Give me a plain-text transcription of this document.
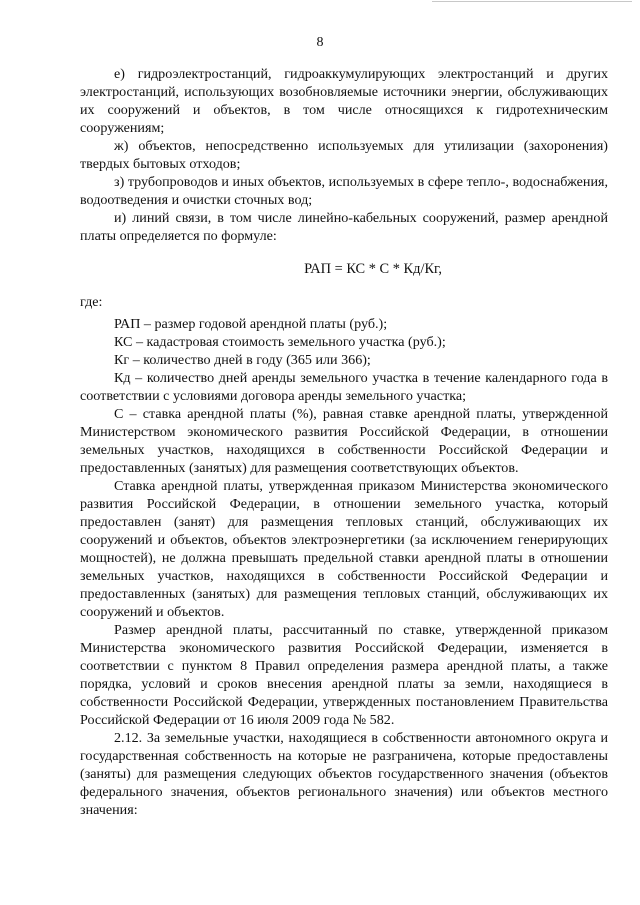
8

е) гидроэлектростанций, гидроаккумулирующих электростанций и других электростанций, использующих возобновляемые источники энергии, обслуживающих их сооружений и объектов, в том числе относящихся к гидротехническим сооружениям;

ж) объектов, непосредственно используемых для утилизации (захоронения) твердых бытовых отходов;

з) трубопроводов и иных объектов, используемых в сфере тепло-, водоснабжения, водоотведения и очистки сточных вод;

и) линий связи, в том числе линейно-кабельных сооружений, размер арендной платы определяется по формуле:

РАП = КС * С * Кд/Кг,

где:

РАП – размер годовой арендной платы (руб.);

КС – кадастровая стоимость земельного участка (руб.);

Кг – количество дней в году (365 или 366);

Кд – количество дней аренды земельного участка в течение календарного года в соответствии с условиями договора аренды земельного участка;

С – ставка арендной платы (%), равная ставке арендной платы, утвержденной Министерством экономического развития Российской Федерации, в отношении земельных участков, находящихся в собственности Российской Федерации и предоставленных (занятых) для размещения соответствующих объектов.

Ставка арендной платы, утвержденная приказом Министерства экономического развития Российской Федерации, в отношении земельного участка, который предоставлен (занят) для размещения тепловых станций, обслуживающих их сооружений и объектов, объектов электроэнергетики (за исключением генерирующих мощностей), не должна превышать предельной ставки арендной платы в отношении земельных участков, находящихся в собственности Российской Федерации и предоставленных (занятых) для размещения тепловых станций, обслуживающих их сооружений и объектов.

Размер арендной платы, рассчитанный по ставке, утвержденной приказом Министерства экономического развития Российской Федерации, изменяется в соответствии с пунктом 8 Правил определения размера арендной платы, а также порядка, условий и сроков внесения арендной платы за земли, находящиеся в собственности Российской Федерации, утвержденных постановлением Правительства Российской Федерации от 16 июля 2009 года № 582.

2.12. За земельные участки, находящиеся в собственности автономного округа и государственная собственность на которые не разграничена, которые предоставлены (заняты) для размещения следующих объектов государственного значения (объектов федерального значения, объектов регионального значения) или объектов местного значения:
